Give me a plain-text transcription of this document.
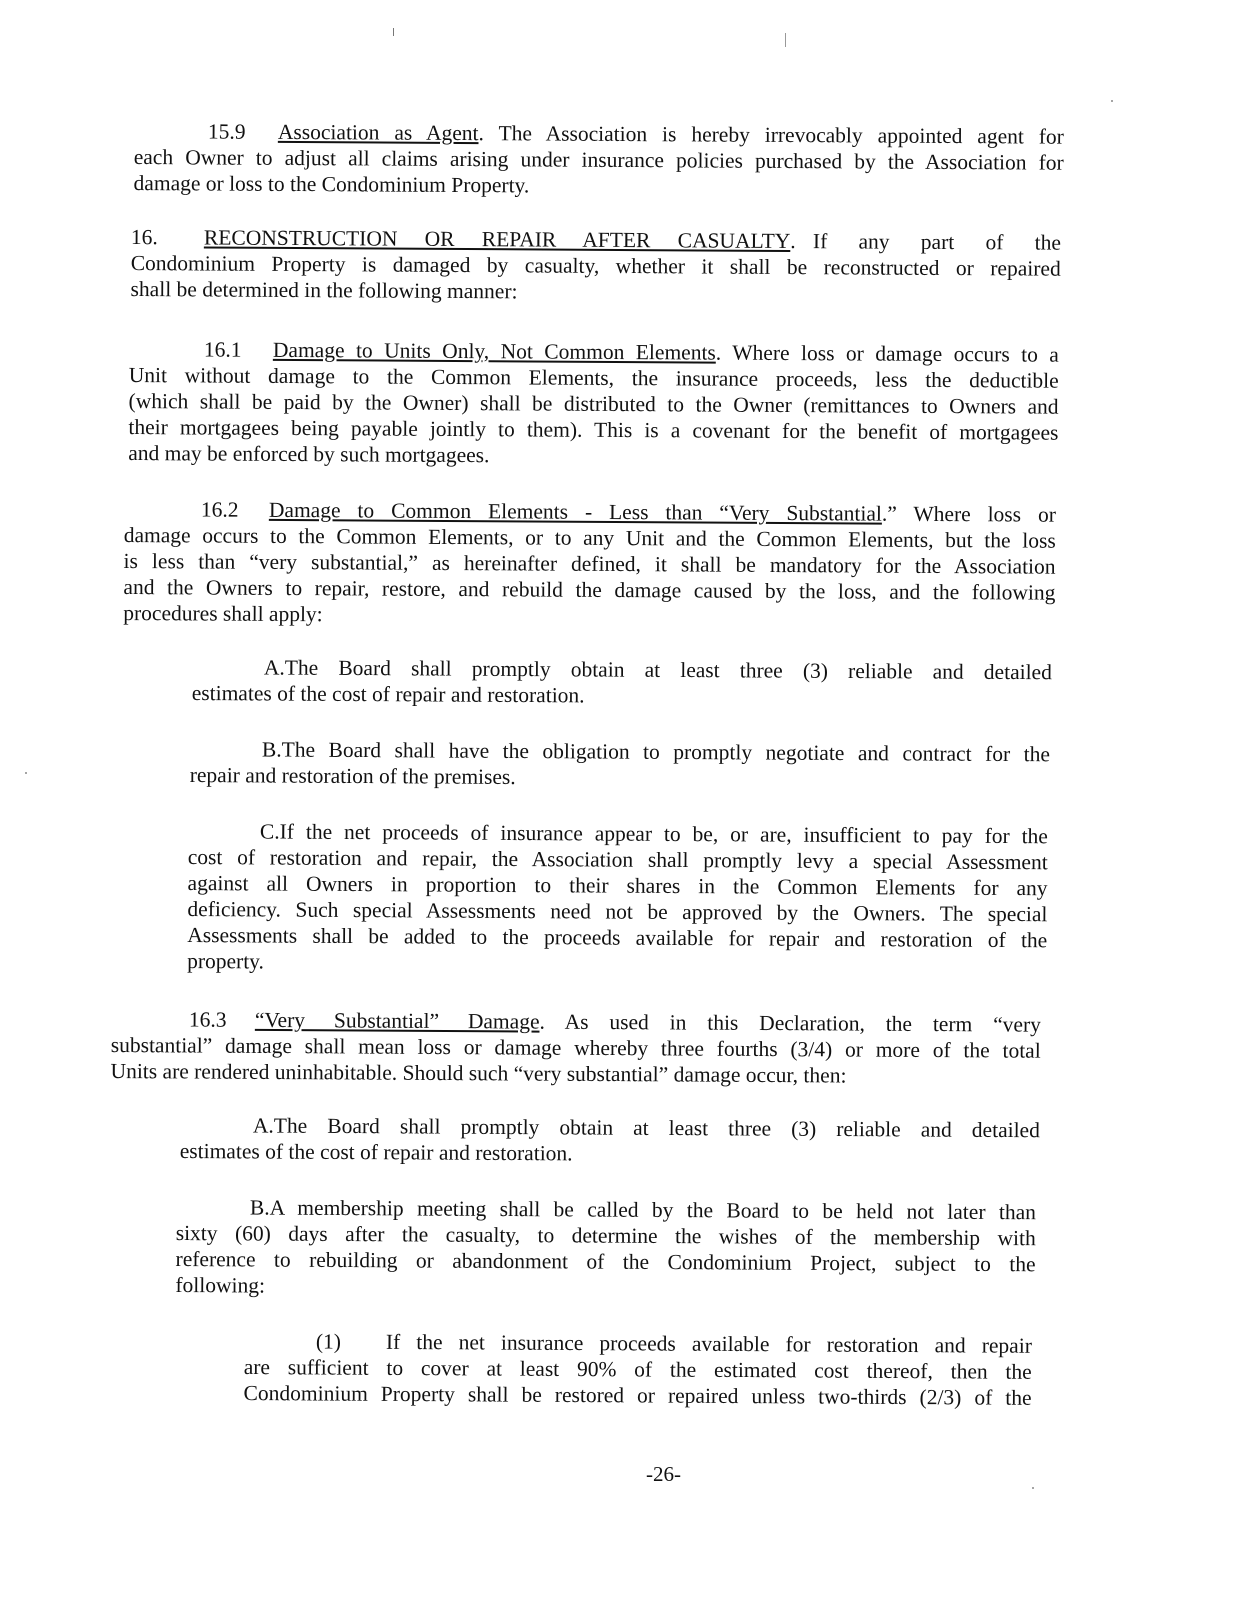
15.9 Association as Agent. The Association is hereby irrevocably appointed agent for
each Owner to adjust all claims arising under insurance policies purchased by the Association for
damage or loss to the Condominium Property.
16. RECONSTRUCTION OR REPAIR AFTER CASUALTY. If any part of the
Condominium Property is damaged by casualty, whether it shall be reconstructed or repaired
shall be determined in the following manner:
16.1 Damage to Units Only, Not Common Elements. Where loss or damage occurs to a
Unit without damage to the Common Elements, the insurance proceeds, less the deductible
(which shall be paid by the Owner) shall be distributed to the Owner (remittances to Owners and
their mortgagees being payable jointly to them). This is a covenant for the benefit of mortgagees
and may be enforced by such mortgagees.
16.2 Damage to Common Elements - Less than “Very Substantial.” Where loss or
damage occurs to the Common Elements, or to any Unit and the Common Elements, but the loss
is less than “very substantial,” as hereinafter defined, it shall be mandatory for the Association
and the Owners to repair, restore, and rebuild the damage caused by the loss, and the following
procedures shall apply:
A.The Board shall promptly obtain at least three (3) reliable and detailed
estimates of the cost of repair and restoration.
B.The Board shall have the obligation to promptly negotiate and contract for the
repair and restoration of the premises.
C.If the net proceeds of insurance appear to be, or are, insufficient to pay for the
cost of restoration and repair, the Association shall promptly levy a special Assessment
against all Owners in proportion to their shares in the Common Elements for any
deficiency. Such special Assessments need not be approved by the Owners. The special
Assessments shall be added to the proceeds available for repair and restoration of the
property.
16.3 “Very Substantial” Damage. As used in this Declaration, the term “very
substantial” damage shall mean loss or damage whereby three fourths (3/4) or more of the total
Units are rendered uninhabitable. Should such “very substantial” damage occur, then:
A.The Board shall promptly obtain at least three (3) reliable and detailed
estimates of the cost of repair and restoration.
B.A membership meeting shall be called by the Board to be held not later than
sixty (60) days after the casualty, to determine the wishes of the membership with
reference to rebuilding or abandonment of the Condominium Project, subject to the
following:
(1) If the net insurance proceeds available for restoration and repair
are sufficient to cover at least 90% of the estimated cost thereof, then the
Condominium Property shall be restored or repaired unless two-thirds (2/3) of the
-26-
